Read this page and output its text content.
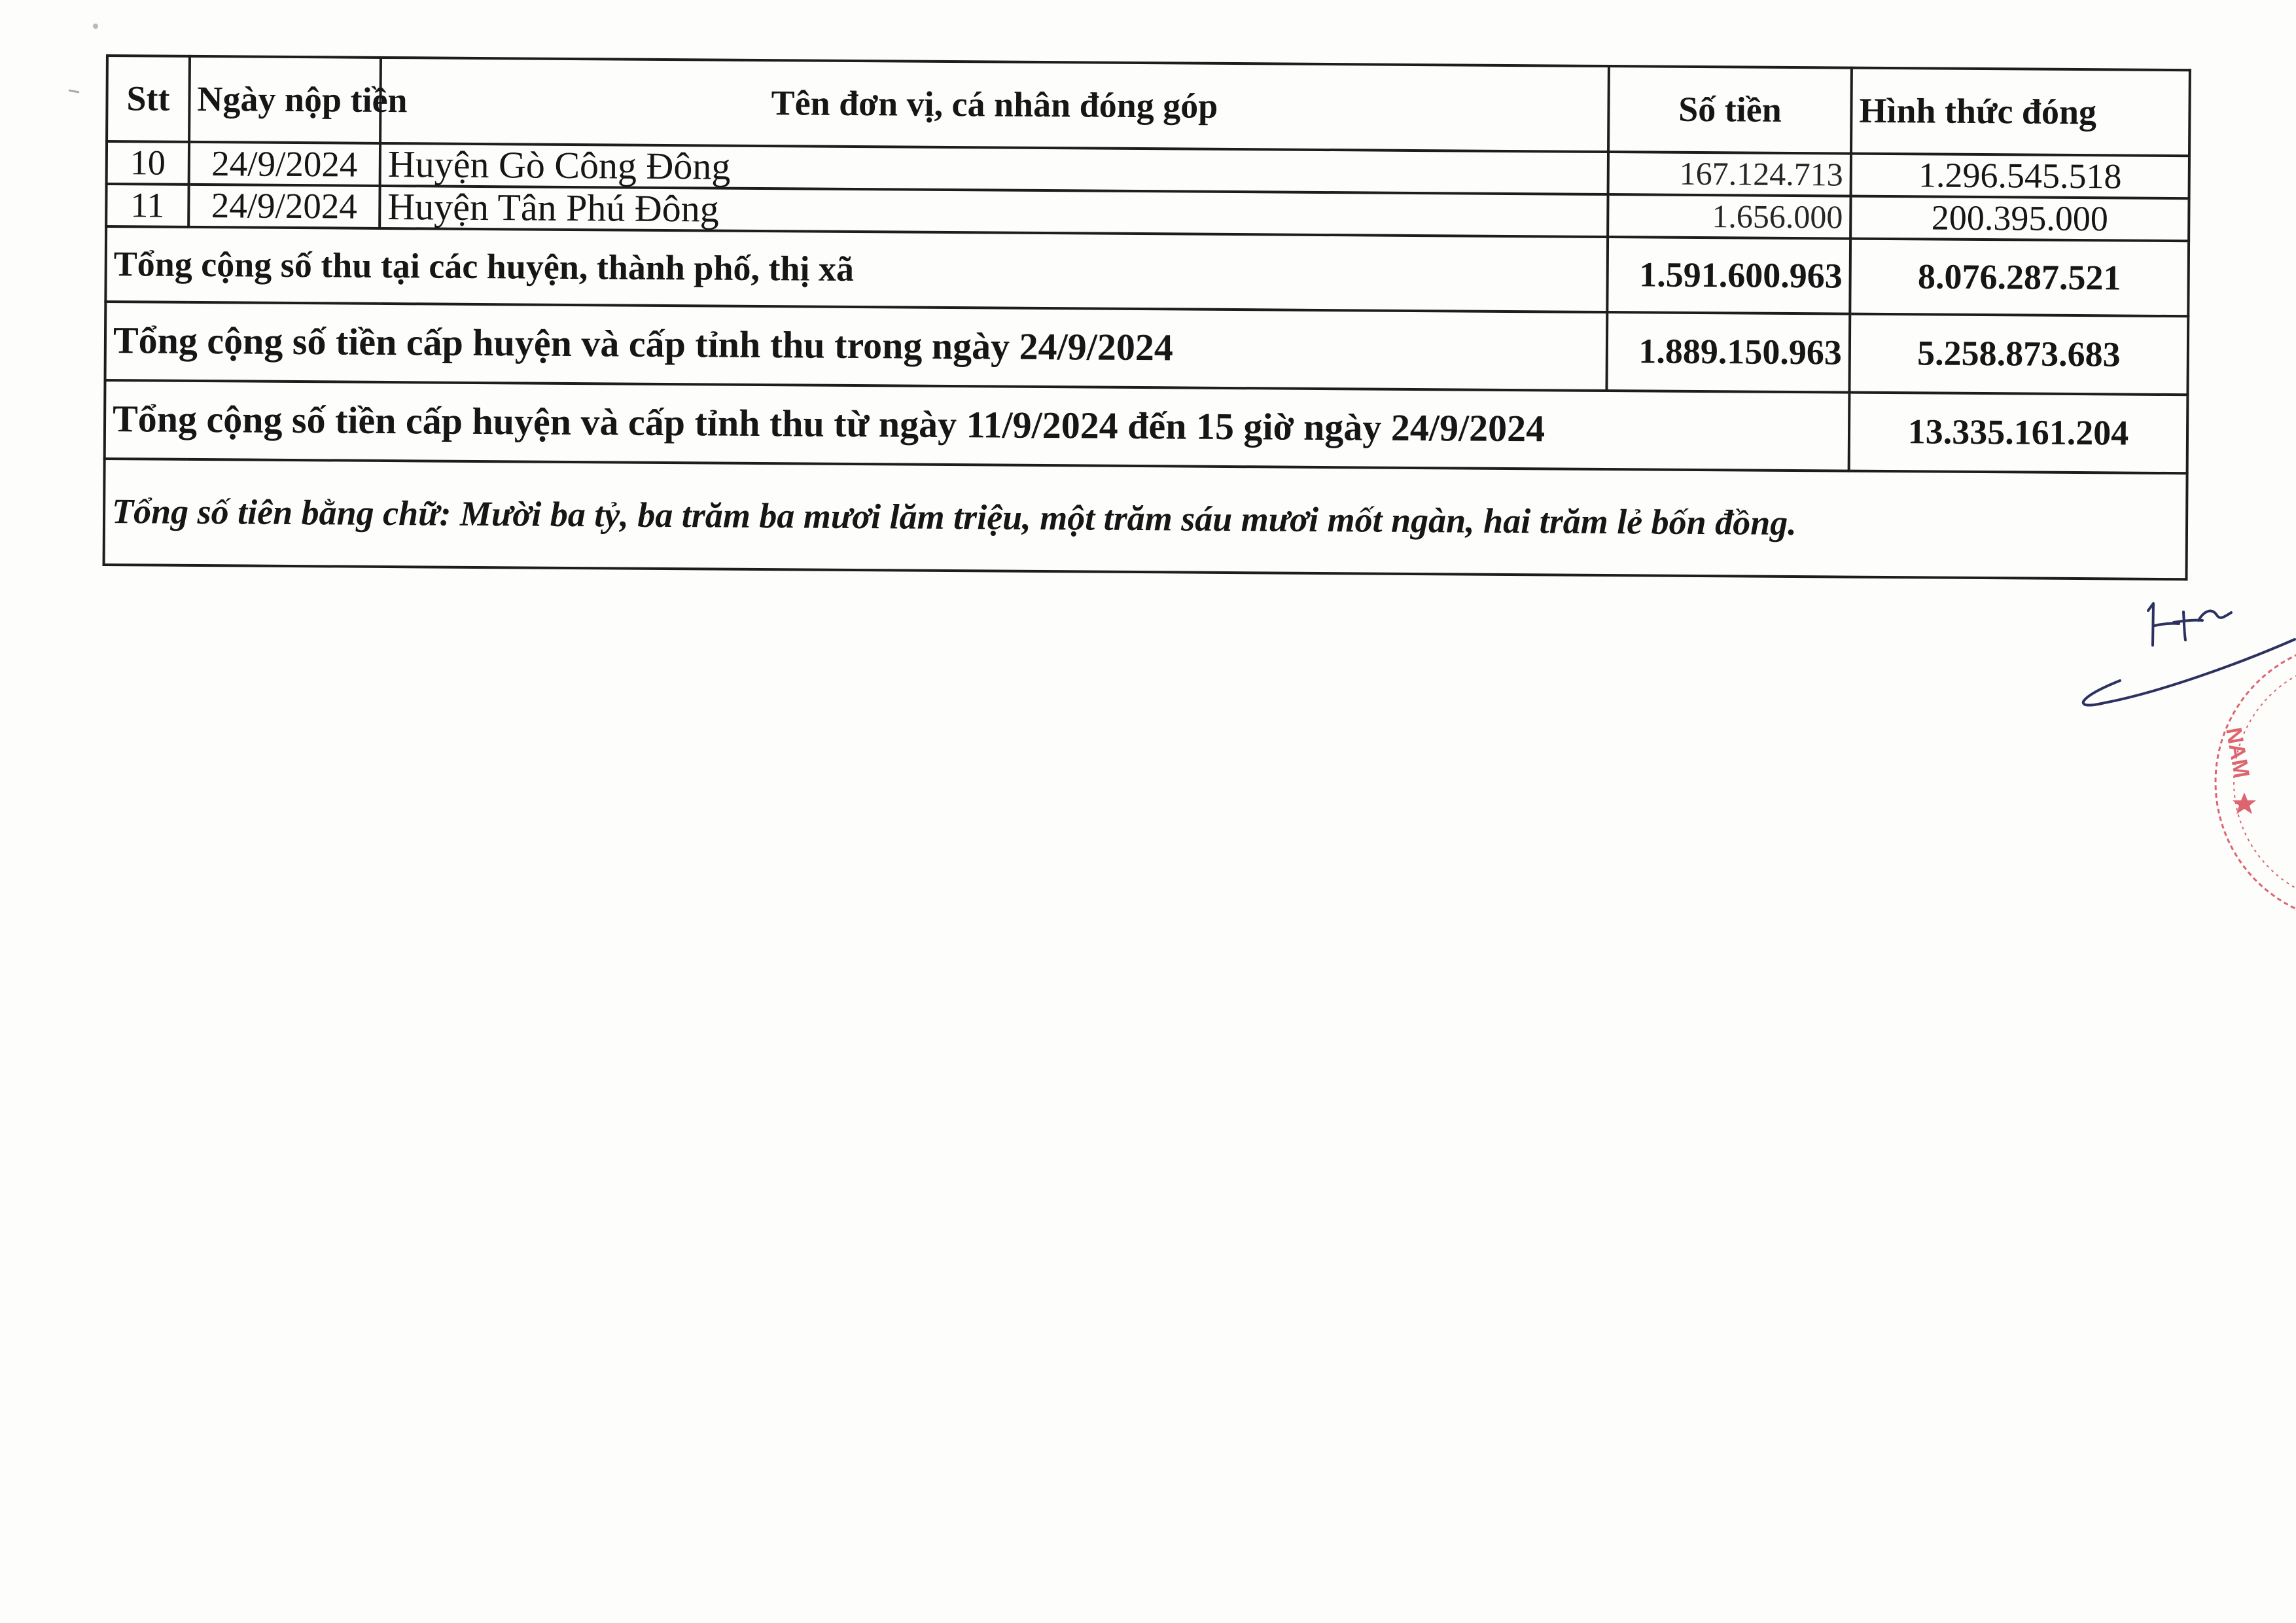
Stt	Ngày nộp tiền	Tên đơn vị, cá nhân đóng góp	Số tiền	Hình thức đóng
10	24/9/2024	Huyện Gò Công Đông	167.124.713	1.296.545.518
11	24/9/2024	Huyện Tân Phú Đông	1.656.000	200.395.000
Tổng cộng số thu tại các huyện, thành phố, thị xã			1.591.600.963	8.076.287.521
Tổng cộng số tiền cấp huyện và cấp tỉnh thu trong ngày 24/9/2024			1.889.150.963	5.258.873.683
Tổng cộng số tiền cấp huyện và cấp tỉnh thu từ ngày 11/9/2024 đến 15 giờ ngày 24/9/2024				13.335.161.204
Tổng số tiên bằng chữ: Mười ba tỷ, ba trăm ba mươi lăm triệu, một trăm sáu mươi mốt ngàn, hai trăm lẻ bốn đồng.				
NAM
